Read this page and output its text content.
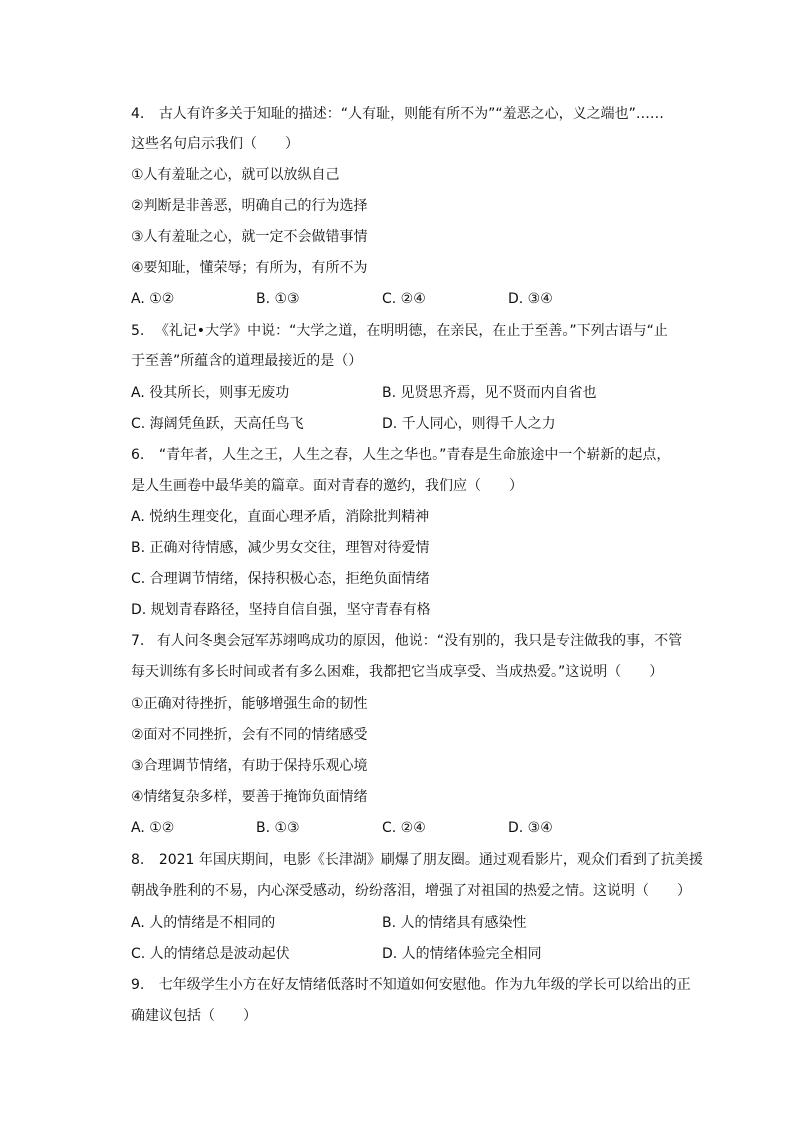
4. 古人有许多关于知耻的描述：“人有耻，则能有所不为”“羞恶之心，义之端也”……
这些名句启示我们（　　）
①人有羞耻之心，就可以放纵自己
②判断是非善恶，明确自己的行为选择
③人有羞耻之心，就一定不会做错事情
④要知耻，懂荣辱；有所为，有所不为
A. ①②	B. ①③	C. ②④	D. ③④
5. 《礼记•大学》中说：“大学之道，在明明德，在亲民，在止于至善。”下列古语与“止
于至善”所蕴含的道理最接近的是（）
A. 役其所长，则事无废功	B. 见贤思齐焉，见不贤而内自省也
C. 海阔凭鱼跃，天高任鸟飞	D. 千人同心，则得千人之力
6. “青年者，人生之王，人生之春，人生之华也。”青春是生命旅途中一个崭新的起点，
是人生画卷中最华美的篇章。面对青春的邀约，我们应（　　）
A. 悦纳生理变化，直面心理矛盾，消除批判精神
B. 正确对待情感，减少男女交往，理智对待爱情
C. 合理调节情绪，保持积极心态，拒绝负面情绪
D. 规划青春路径，坚持自信自强，坚守青春有格
7. 有人问冬奥会冠军苏翊鸣成功的原因，他说：“没有别的，我只是专注做我的事，不管
每天训练有多长时间或者有多么困难，我都把它当成享受、当成热爱。”这说明（　　）
①正确对待挫折，能够增强生命的韧性
②面对不同挫折，会有不同的情绪感受
③合理调节情绪，有助于保持乐观心境
④情绪复杂多样，要善于掩饰负面情绪
A. ①②	B. ①③	C. ②④	D. ③④
8. 2021 年国庆期间，电影《长津湖》刷爆了朋友圈。通过观看影片，观众们看到了抗美援
朝战争胜利的不易，内心深受感动，纷纷落泪，增强了对祖国的热爱之情。这说明（　　）
A. 人的情绪是不相同的	B. 人的情绪具有感染性
C. 人的情绪总是波动起伏	D. 人的情绪体验完全相同
9. 七年级学生小方在好友情绪低落时不知道如何安慰他。作为九年级的学长可以给出的正
确建议包括（　　）
